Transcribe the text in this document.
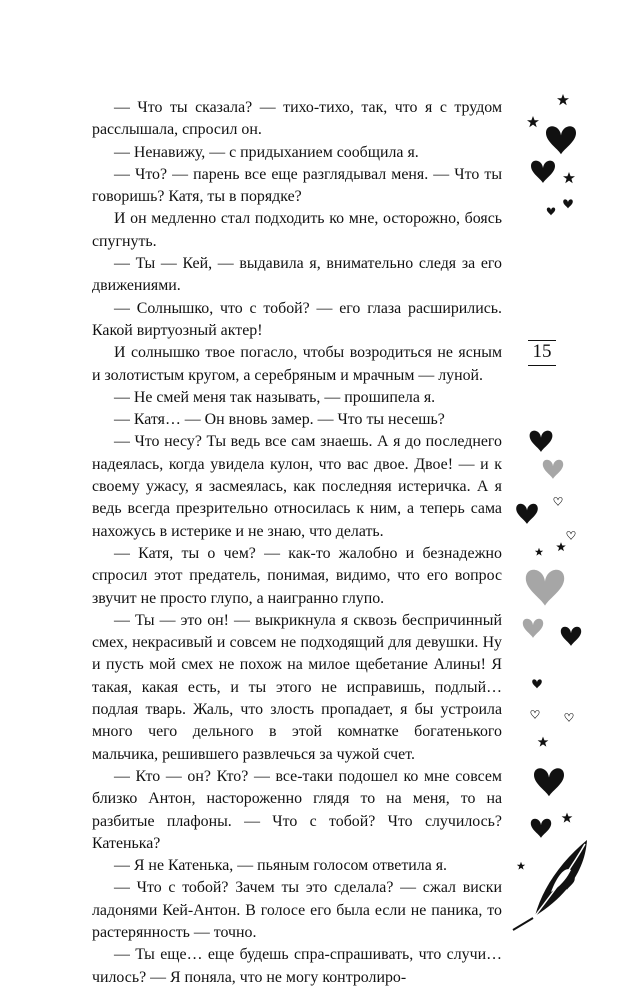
— Что ты сказала? — тихо-тихо, так, что я с трудом расслышала, спросил он.

— Ненавижу, — с придыханием сообщила я.

— Что? — парень все еще разглядывал меня. — Что ты говоришь? Катя, ты в порядке?

И он медленно стал подходить ко мне, осторожно, боясь спугнуть.

— Ты — Кей, — выдавила я, внимательно следя за его движениями.

— Солнышко, что с тобой? — его глаза расширились. Какой виртуозный актер!

И солнышко твое погасло, чтобы возродиться не ясным и золотистым кругом, а серебряным и мрачным — луной.

— Не смей меня так называть, — прошипела я.

— Катя… — Он вновь замер. — Что ты несешь?

— Что несу? Ты ведь все сам знаешь. А я до последнего надеялась, когда увидела кулон, что вас двое. Двое! — и к своему ужасу, я засмеялась, как последняя истеричка. А я ведь всегда презрительно относилась к ним, а теперь сама нахожусь в истерике и не знаю, что делать.

— Катя, ты о чем? — как-то жалобно и безнадежно спросил этот предатель, понимая, видимо, что его вопрос звучит не просто глупо, а наигранно глупо.

— Ты — это он! — выкрикнула я сквозь беспричинный смех, некрасивый и совсем не подходящий для девушки. Ну и пусть мой смех не похож на милое щебетание Алины! Я такая, какая есть, и ты этого не исправишь, подлый… подлая тварь. Жаль, что злость пропадает, я бы устроила много чего дельного в этой комнатке богатенького мальчика, решившего развлечься за чужой счет.

— Кто — он? Кто? — все-таки подошел ко мне совсем близко Антон, настороженно глядя то на меня, то на разбитые плафоны. — Что с тобой? Что случилось? Катенька?

— Я не Катенька, — пьяным голосом ответила я.

— Что с тобой? Зачем ты это сделала? — сжал виски ладонями Кей-Антон. В голосе его была если не паника, то растерянность — точно.

— Ты еще… еще будешь спра-спрашивать, что случи… чилось? — Я поняла, что не могу контролиро-

15
